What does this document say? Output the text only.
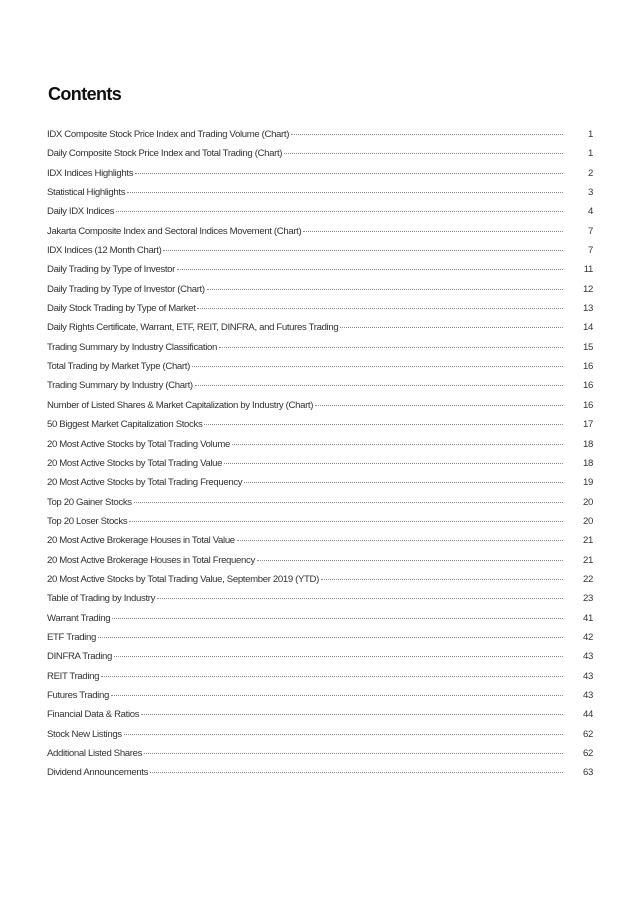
Contents
IDX Composite Stock Price Index and Trading Volume (Chart)	1
Daily Composite Stock Price Index and Total Trading (Chart)	1
IDX Indices Highlights	2
Statistical Highlights	3
Daily IDX Indices	4
Jakarta Composite Index and Sectoral Indices Movement (Chart)	7
IDX Indices (12 Month Chart)	7
Daily Trading by Type of Investor	11
Daily Trading by Type of Investor (Chart)	12
Daily Stock Trading by Type of Market	13
Daily Rights Certificate, Warrant, ETF, REIT, DINFRA, and Futures Trading	14
Trading Summary by Industry Classification	15
Total Trading by Market Type (Chart)	16
Trading Summary by Industry (Chart)	16
Number of Listed Shares & Market Capitalization by Industry (Chart)	16
50 Biggest Market Capitalization Stocks	17
20 Most Active Stocks by Total Trading Volume	18
20 Most Active Stocks by Total Trading Value	18
20 Most Active Stocks by Total Trading Frequency	19
Top 20 Gainer Stocks	20
Top 20 Loser Stocks	20
20 Most Active Brokerage Houses in Total Value	21
20 Most Active Brokerage Houses in Total Frequency	21
20 Most Active Stocks by Total Trading Value, September 2019 (YTD)	22
Table of Trading by Industry	23
Warrant Trading	41
ETF Trading	42
DINFRA Trading	43
REIT Trading	43
Futures Trading	43
Financial Data & Ratios	44
Stock New Listings	62
Additional Listed Shares	62
Dividend Announcements	63
